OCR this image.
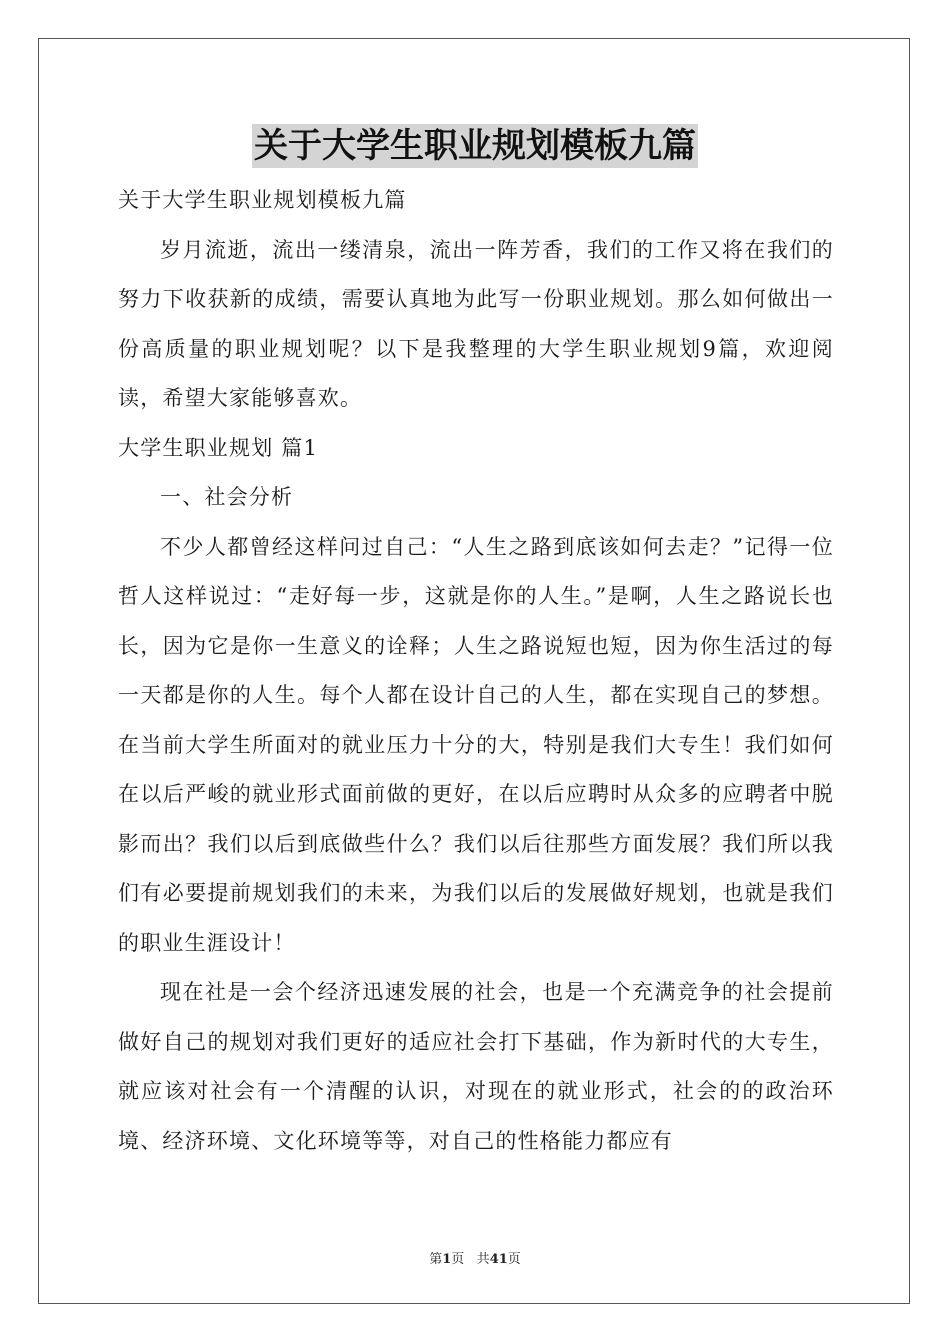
关于大学生职业规划模板九篇

关于大学生职业规划模板九篇

岁月流逝，流出一缕清泉，流出一阵芳香，我们的工作又将在我们的努力下收获新的成绩，需要认真地为此写一份职业规划。那么如何做出一份高质量的职业规划呢？以下是我整理的大学生职业规划9篇，欢迎阅读，希望大家能够喜欢。

大学生职业规划 篇1

一、社会分析

不少人都曾经这样问过自己：“人生之路到底该如何去走？”记得一位哲人这样说过：“走好每一步，这就是你的人生。”是啊，人生之路说长也长，因为它是你一生意义的诠释；人生之路说短也短，因为你生活过的每一天都是你的人生。每个人都在设计自己的人生，都在实现自己的梦想。在当前大学生所面对的就业压力十分的大，特别是我们大专生！我们如何在以后严峻的就业形式面前做的更好，在以后应聘时从众多的应聘者中脱影而出？我们以后到底做些什么？我们以后往那些方面发展？我们所以我们有必要提前规划我们的未来，为我们以后的发展做好规划，也就是我们的职业生涯设计！

现在社是一会个经济迅速发展的社会，也是一个充满竞争的社会提前做好自己的规划对我们更好的适应社会打下基础，作为新时代的大专生，就应该对社会有一个清醒的认识，对现在的就业形式，社会的的政治环境、经济环境、文化环境等等，对自己的性格能力都应有

第1页 共41页
